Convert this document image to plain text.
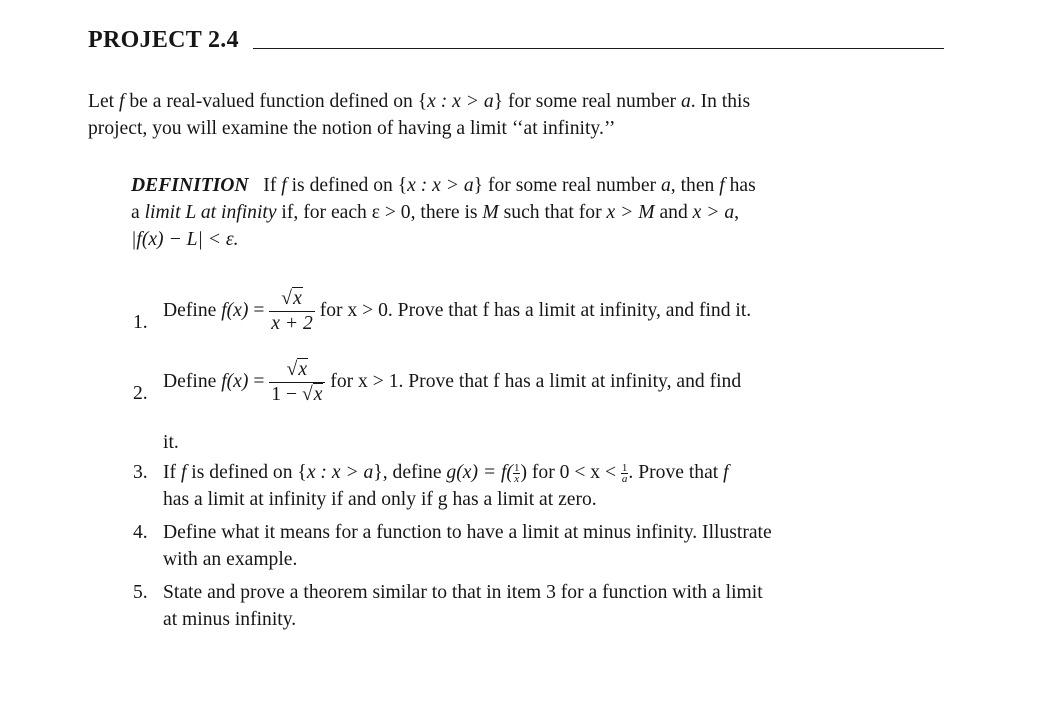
PROJECT 2.4
Let f be a real-valued function defined on {x : x > a} for some real number a. In this
project, you will examine the notion of having a limit ‘‘at infinity.’’
DEFINITION   If f is defined on {x : x > a} for some real number a, then f has
a limit L at infinity if, for each ε > 0, there is M such that for x > M and x > a,
|f(x) − L| < ε.
1.
Define $f(x) = \frac{√x}{x + 2}$ for x > 0. Prove that f has a limit at infinity, and find it.
2.
Define $f(x) = \frac{√x}{1 - √x}$ for x > 1. Prove that f has a limit at infinity, and find
it.
3. If f is defined on {x : x > a}, define $g(x) = f( \frac{1}{x}$ ) for $0 < x < \frac{1}{a}$ . Prove that f
has a limit at infinity if and only if g has a limit at zero.
4. Define what it means for a function to have a limit at minus infinity. Illustrate
with an example.
5. State and prove a theorem similar to that in item 3 for a function with a limit
at minus infinity.
